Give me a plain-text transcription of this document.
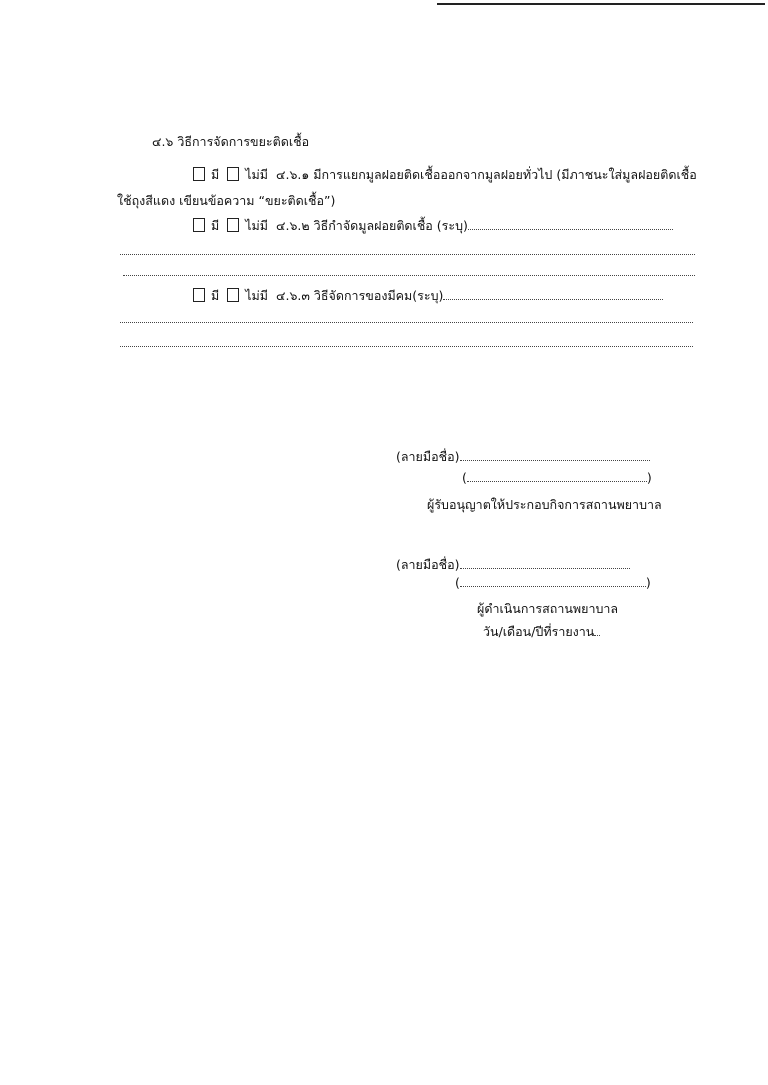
๔.๖ วิธีการจัดการขยะติดเชื้อ
มี ไม่มี ๔.๖.๑ มีการแยกมูลฝอยติดเชื้อออกจากมูลฝอยทั่วไป (มีภาชนะใส่มูลฝอยติดเชื้อ
ใช้ถุงสีแดง เขียนข้อความ “ขยะติดเชื้อ”)
มี ไม่มี ๔.๖.๒ วิธีกำจัดมูลฝอยติดเชื้อ (ระบุ)
มี ไม่มี ๔.๖.๓ วิธีจัดการของมีคม(ระบุ)
(ลายมือชื่อ)
(	)
ผู้รับอนุญาตให้ประกอบกิจการสถานพยาบาล
(ลายมือชื่อ)
(	)
ผู้ดำเนินการสถานพยาบาล
วัน/เดือน/ปีที่รายงาน
